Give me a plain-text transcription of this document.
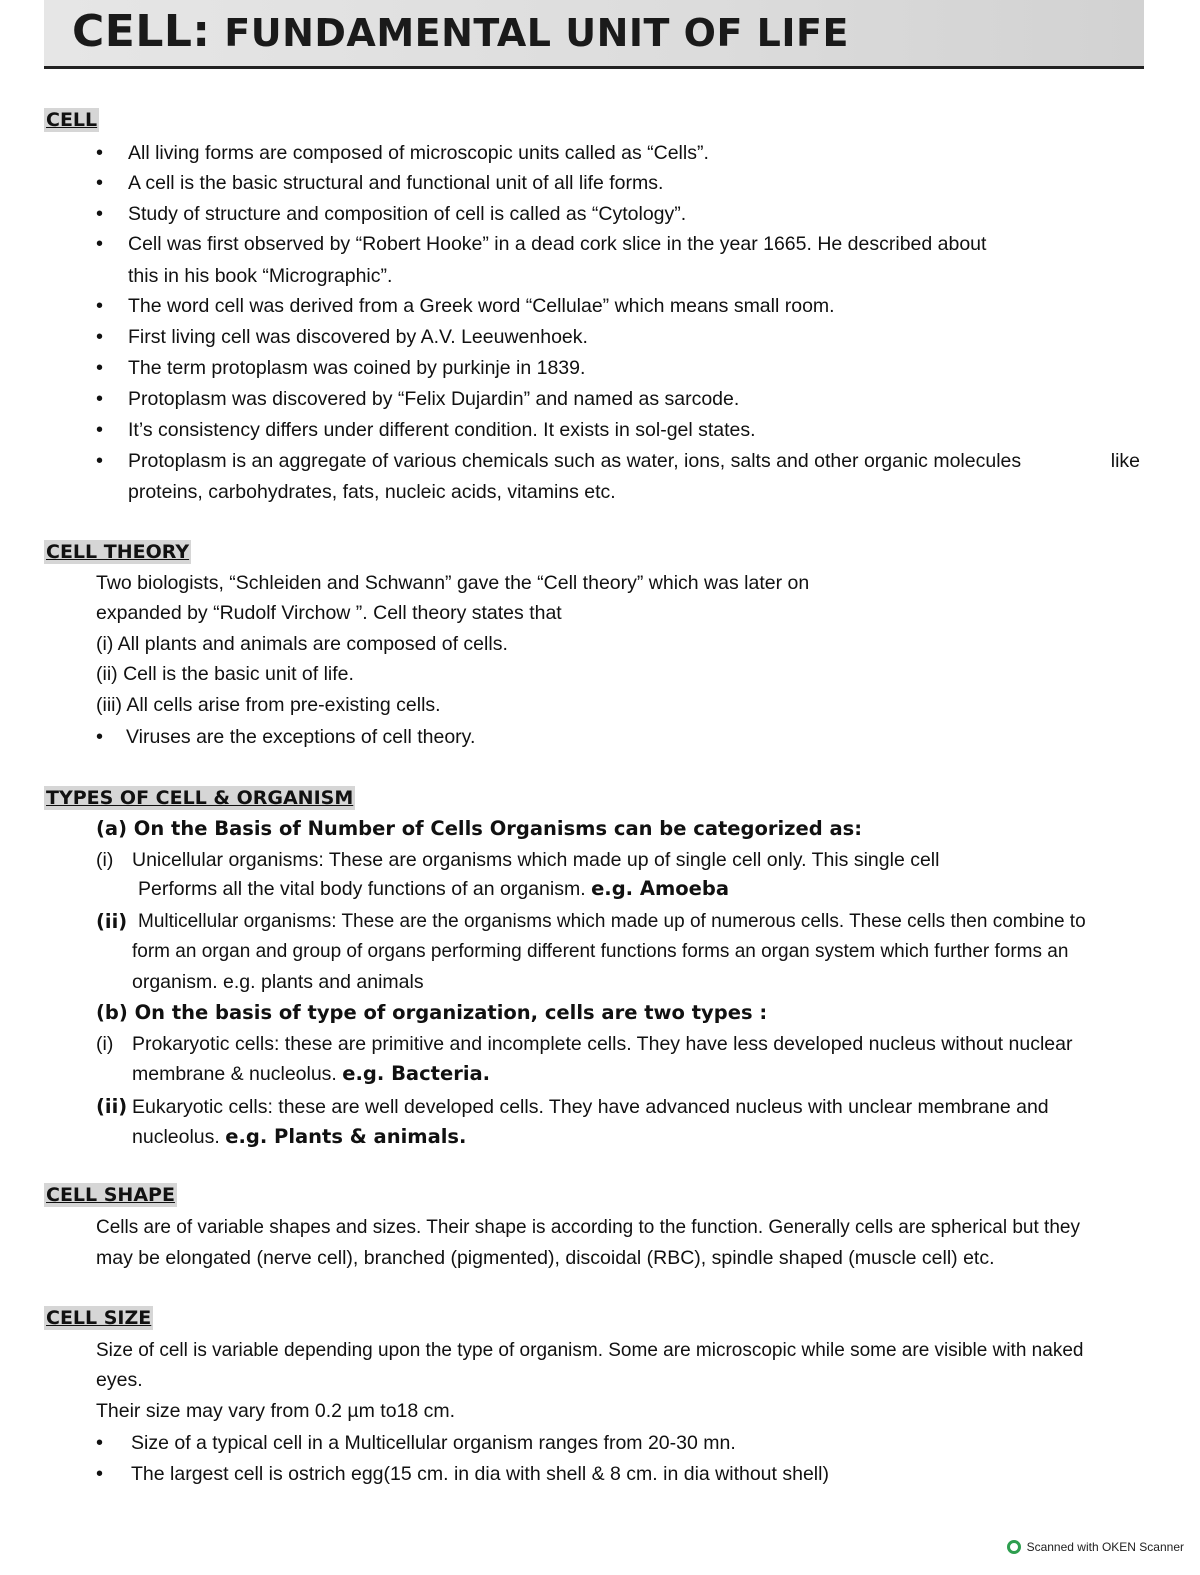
CELL: FUNDAMENTAL UNIT OF LIFE
CELL
• All living forms are composed of microscopic units called as “Cells”.
• A cell is the basic structural and functional unit of all life forms.
• Study of structure and composition of cell is called as “Cytology”.
• Cell was first observed by “Robert Hooke” in a dead cork slice in the year 1665. He described about
this in his book “Micrographic”.
• The word cell was derived from a Greek word “Cellulae” which means small room.
• First living cell was discovered by A.V. Leeuwenhoek.
• The term protoplasm was coined by purkinje in 1839.
• Protoplasm was discovered by “Felix Dujardin” and named as sarcode.
• It’s consistency differs under different condition. It exists in sol-gel states.
• Protoplasm is an aggregate of various chemicals such as water, ions, salts and other organic molecules	like
proteins, carbohydrates, fats, nucleic acids, vitamins etc.
CELL THEORY
Two biologists, “Schleiden and Schwann” gave the “Cell theory” which was later on
expanded by “Rudolf Virchow ”. Cell theory states that
(i) All plants and animals are composed of cells.
(ii) Cell is the basic unit of life.
(iii) All cells arise from pre-existing cells.
• Viruses are the exceptions of cell theory.
TYPES OF CELL & ORGANISM
(a) On the Basis of Number of Cells Organisms can be categorized as:
(i) Unicellular organisms: These are organisms which made up of single cell only. This single cell
Performs all the vital body functions of an organism. e.g. Amoeba
(ii) Multicellular organisms: These are the organisms which made up of numerous cells. These cells then combine to
form an organ and group of organs performing different functions forms an organ system which further forms an
organism. e.g. plants and animals
(b) On the basis of type of organization, cells are two types :
(i) Prokaryotic cells: these are primitive and incomplete cells. They have less developed nucleus without nuclear
membrane & nucleolus. e.g. Bacteria.
(ii) Eukaryotic cells: these are well developed cells. They have advanced nucleus with unclear membrane and
nucleolus. e.g. Plants & animals.
CELL SHAPE
Cells are of variable shapes and sizes. Their shape is according to the function. Generally cells are spherical but they
may be elongated (nerve cell), branched (pigmented), discoidal (RBC), spindle shaped (muscle cell) etc.
CELL SIZE
Size of cell is variable depending upon the type of organism. Some are microscopic while some are visible with naked
eyes.
Their size may vary from 0.2 µm to18 cm.
• Size of a typical cell in a Multicellular organism ranges from 20-30 mn.
• The largest cell is ostrich egg(15 cm. in dia with shell & 8 cm. in dia without shell)
Scanned with OKEN Scanner
